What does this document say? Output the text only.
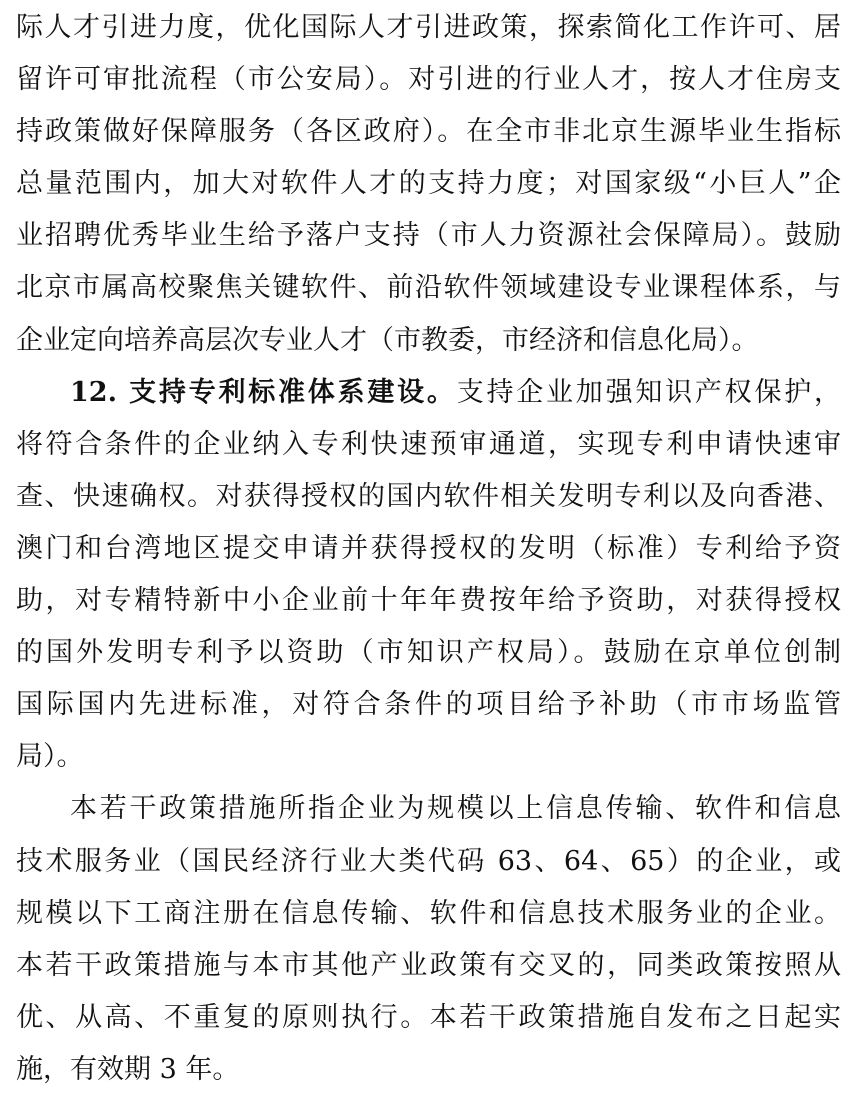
际人才引进力度，优化国际人才引进政策，探索简化工作许可、居
留许可审批流程（市公安局）。对引进的行业人才，按人才住房支
持政策做好保障服务（各区政府）。在全市非北京生源毕业生指标
总量范围内，加大对软件人才的支持力度；对国家级“小巨人”企
业招聘优秀毕业生给予落户支持（市人力资源社会保障局）。鼓励
北京市属高校聚焦关键软件、前沿软件领域建设专业课程体系，与
企业定向培养高层次专业人才（市教委，市经济和信息化局）。
12. 支持专利标准体系建设。支持企业加强知识产权保护，
将符合条件的企业纳入专利快速预审通道，实现专利申请快速审
查、快速确权。对获得授权的国内软件相关发明专利以及向香港、
澳门和台湾地区提交申请并获得授权的发明（标准）专利给予资
助，对专精特新中小企业前十年年费按年给予资助，对获得授权
的国外发明专利予以资助（市知识产权局）。鼓励在京单位创制
国际国内先进标准，对符合条件的项目给予补助（市市场监管
局）。
本若干政策措施所指企业为规模以上信息传输、软件和信息
技术服务业（国民经济行业大类代码 63、64、65）的企业，或
规模以下工商注册在信息传输、软件和信息技术服务业的企业。
本若干政策措施与本市其他产业政策有交叉的，同类政策按照从
优、从高、不重复的原则执行。本若干政策措施自发布之日起实
施，有效期 3 年。
